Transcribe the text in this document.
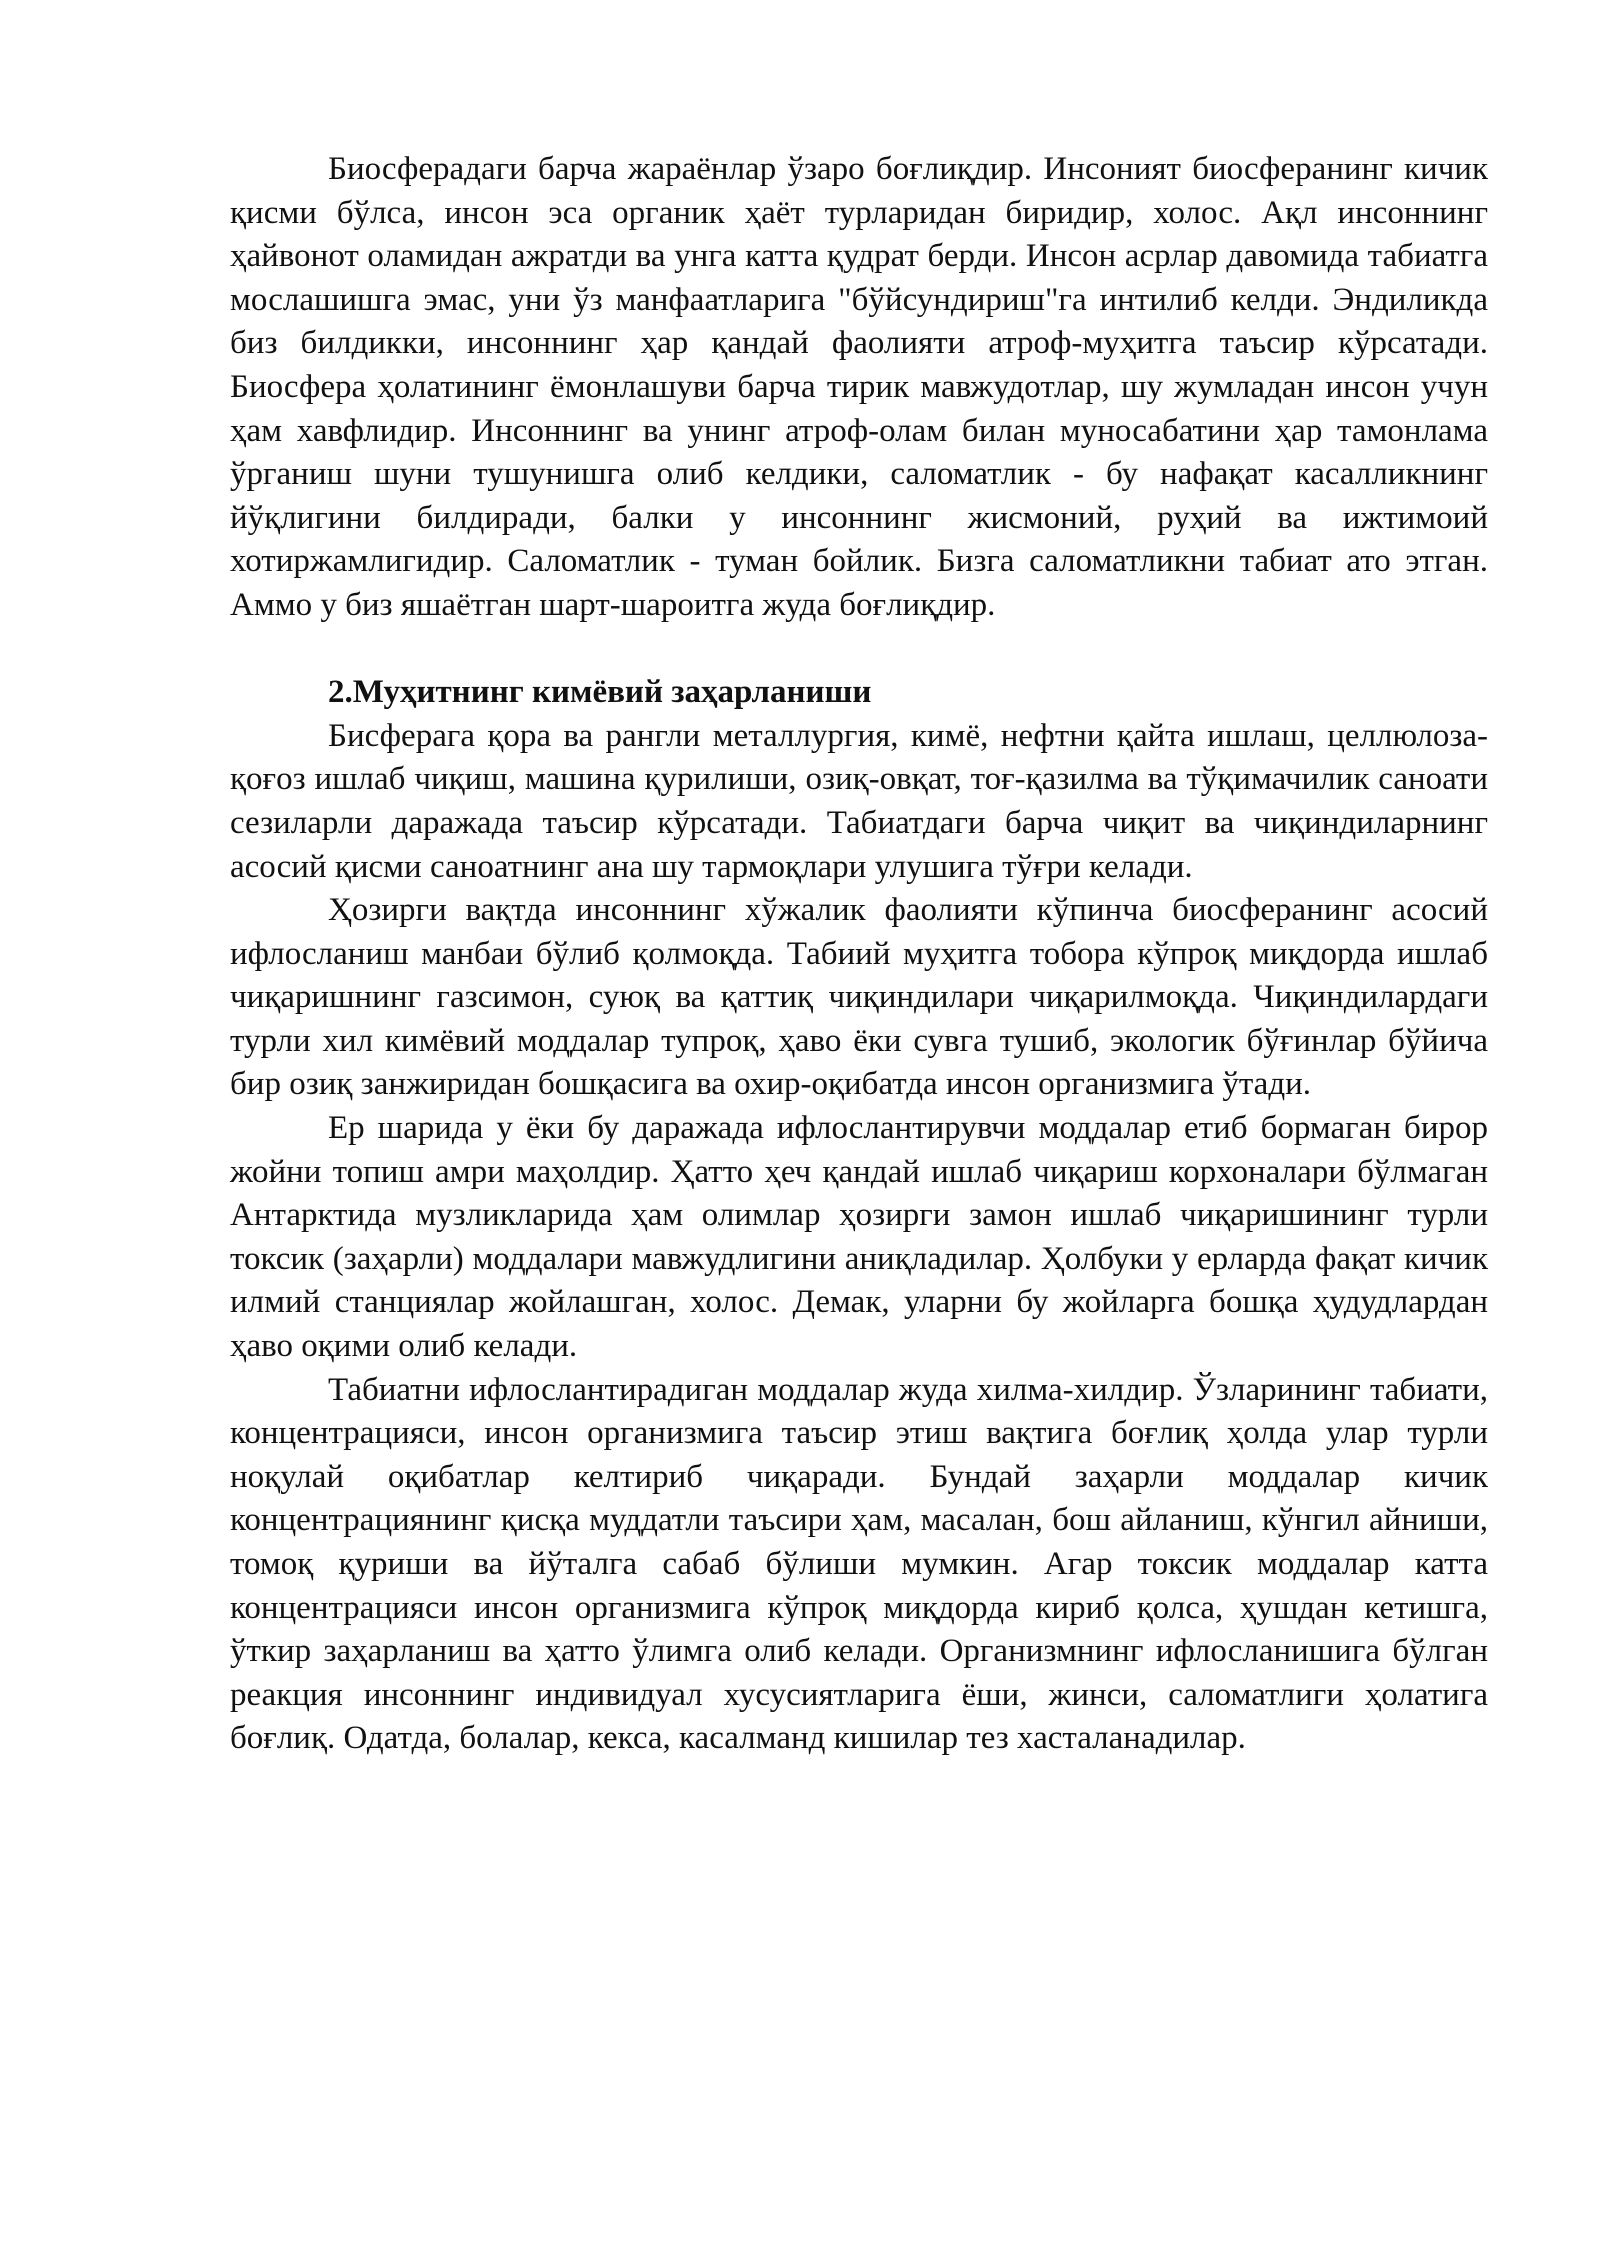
Биосферадаги барча жараёнлар ўзаро боғлиқдир. Инсоният биосферанинг кичик қисми бўлса, инсон эса органик ҳаёт турларидан биридир, холос. Ақл инсоннинг ҳайвонот оламидан ажратди ва унга катта қудрат берди. Инсон асрлар давомида табиатга мослашишга эмас, уни ўз манфаатларига "бўйсундириш"га интилиб келди. Эндиликда биз билдикки, инсоннинг ҳар қандай фаолияти атроф-муҳитга таъсир кўрсатади. Биосфера ҳолатининг ёмонлашуви барча тирик мавжудотлар, шу жумладан инсон учун ҳам хавфлидир. Инсоннинг ва унинг атроф-олам билан муносабатини ҳар тамонлама ўрганиш шуни тушунишга олиб келдики, саломатлик - бу нафақат касалликнинг йўқлигини билдиради, балки у инсоннинг жисмоний, руҳий ва ижтимоий хотиржамлигидир. Саломатлик - туман бойлик. Бизга саломатликни табиат ато этган. Аммо у биз яшаётган шарт-шароитга жуда боғлиқдир.

2.Муҳитнинг кимёвий заҳарланиши

Бисферага қора ва рангли металлургия, кимё, нефтни қайта ишлаш, целлюлоза-қоғоз ишлаб чиқиш, машина қурилиши, озиқ-овқат, тоғ-қазилма ва тўқимачилик саноати сезиларли даражада таъсир кўрсатади. Табиатдаги барча чиқит ва чиқиндиларнинг асосий қисми саноатнинг ана шу тармоқлари улушига тўғри келади.

Ҳозирги вақтда инсоннинг хўжалик фаолияти кўпинча биосферанинг асосий ифлосланиш манбаи бўлиб қолмоқда. Табиий муҳитга тобора кўпроқ миқдорда ишлаб чиқаришнинг газсимон, суюқ ва қаттиқ чиқиндилари чиқарилмоқда. Чиқиндилардаги турли хил кимёвий моддалар тупроқ, ҳаво ёки сувга тушиб, экологик бўғинлар бўйича бир озиқ занжиридан бошқасига ва охир-оқибатда инсон организмига ўтади.

Ер шарида у ёки бу даражада ифлослантирувчи моддалар етиб бормаган бирор жойни топиш амри маҳолдир. Ҳатто ҳеч қандай ишлаб чиқариш корхоналари бўлмаган Антарктида музликларида ҳам олимлар ҳозирги замон ишлаб чиқаришининг турли токсик (заҳарли) моддалари мавжудлигини аниқладилар. Ҳолбуки у ерларда фақат кичик илмий станциялар жойлашган, холос. Демак, уларни бу жойларга бошқа ҳудудлардан ҳаво оқими олиб келади.

Табиатни ифлослантирадиган моддалар жуда хилма-хилдир. Ўзларининг табиати, концентрацияси, инсон организмига таъсир этиш вақтига боғлиқ ҳолда улар турли ноқулай оқибатлар келтириб чиқаради. Бундай заҳарли моддалар кичик концентрациянинг қисқа муддатли таъсири ҳам, масалан, бош айланиш, кўнгил айниши, томоқ қуриши ва йўталга сабаб бўлиши мумкин. Агар токсик моддалар катта концентрацияси инсон организмига кўпроқ миқдорда кириб қолса, ҳушдан кетишга, ўткир заҳарланиш ва ҳатто ўлимга олиб келади. Организмнинг ифлосланишига бўлган реакция инсоннинг индивидуал хусусиятларига ёши, жинси, саломатлиги ҳолатига боғлиқ. Одатда, болалар, кекса, касалманд кишилар тез хасталанадилар.
